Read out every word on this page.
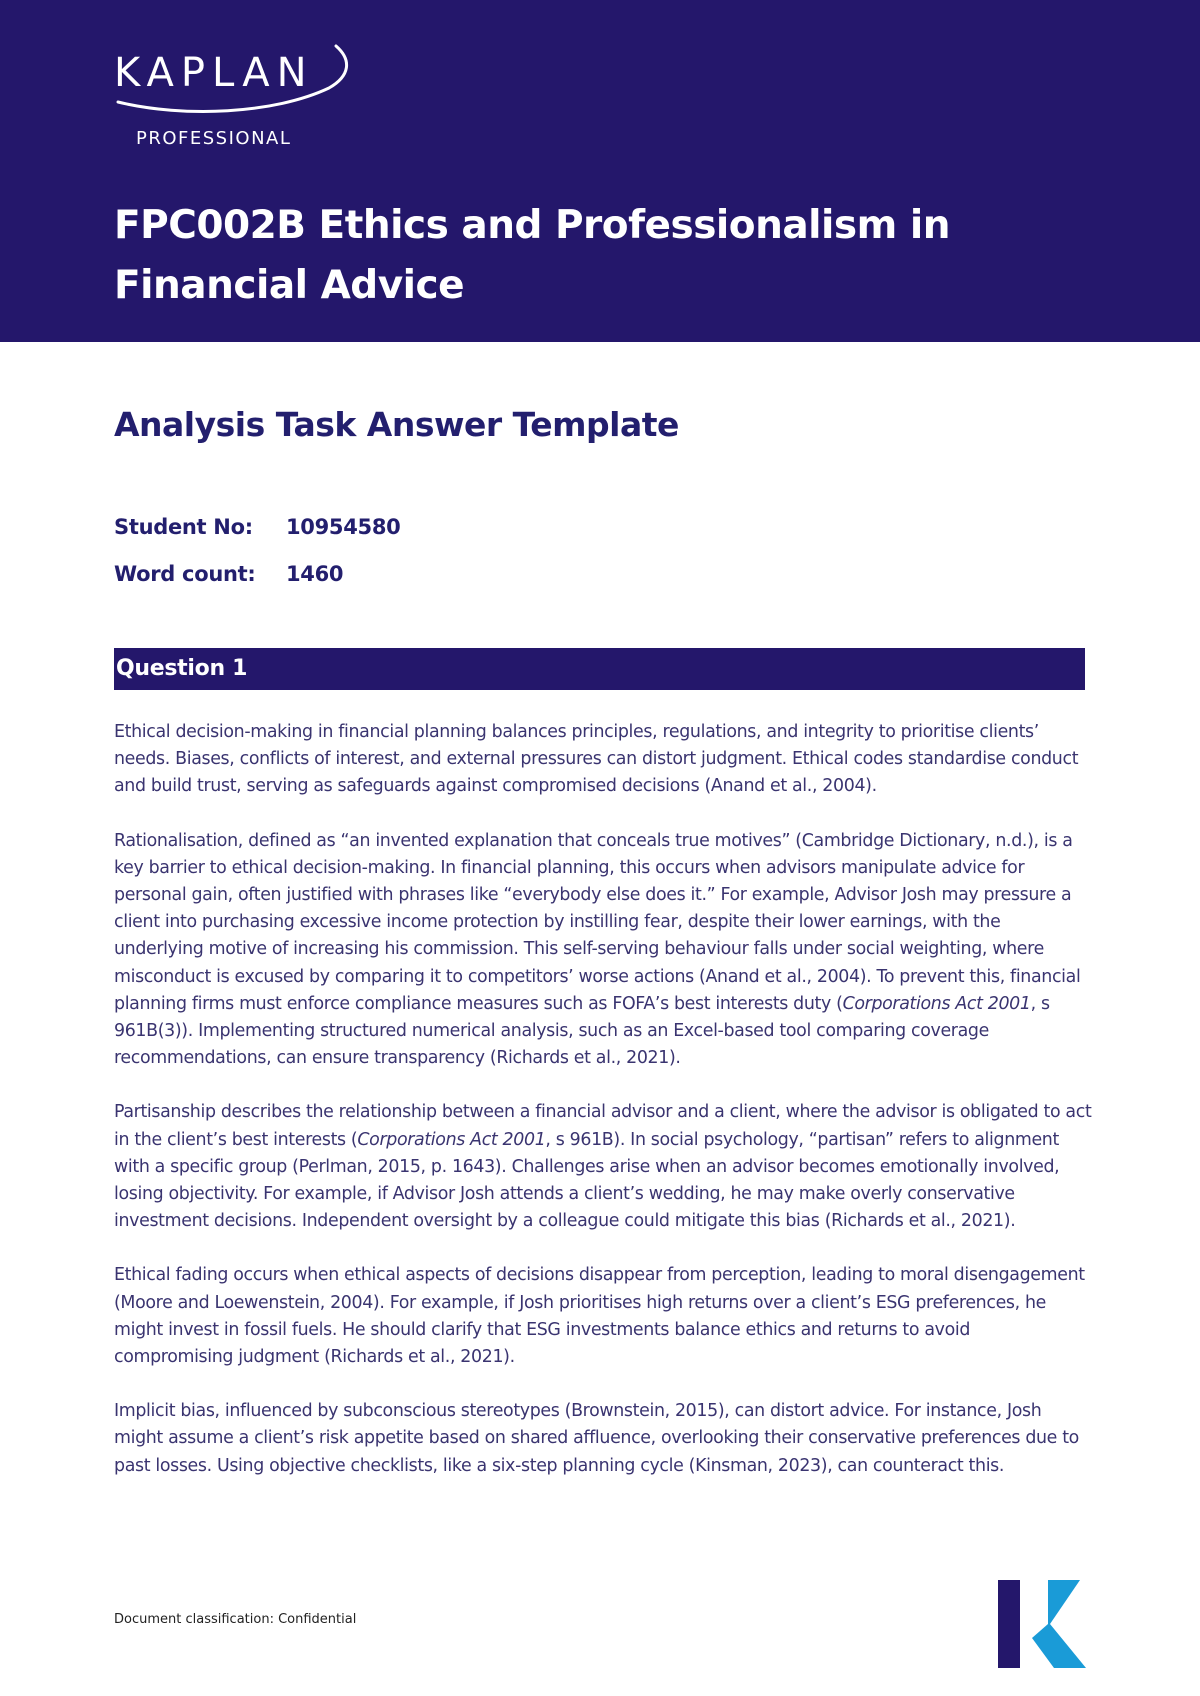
KAPLAN
PROFESSIONAL
FPC002B Ethics and Professionalism in Financial Advice
Analysis Task Answer Template
Student No: 10954580
Word count: 1460
Question 1

Ethical decision-making in financial planning balances principles, regulations, and integrity to prioritise clients’ needs. Biases, conflicts of interest, and external pressures can distort judgment. Ethical codes standardise conduct and build trust, serving as safeguards against compromised decisions (Anand et al., 2004).

Rationalisation, defined as “an invented explanation that conceals true motives” (Cambridge Dictionary, n.d.), is a key barrier to ethical decision-making. In financial planning, this occurs when advisors manipulate advice for personal gain, often justified with phrases like “everybody else does it.” For example, Advisor Josh may pressure a client into purchasing excessive income protection by instilling fear, despite their lower earnings, with the underlying motive of increasing his commission. This self-serving behaviour falls under social weighting, where misconduct is excused by comparing it to competitors’ worse actions (Anand et al., 2004). To prevent this, financial planning firms must enforce compliance measures such as FOFA’s best interests duty (Corporations Act 2001, s 961B(3)). Implementing structured numerical analysis, such as an Excel-based tool comparing coverage recommendations, can ensure transparency (Richards et al., 2021).

Partisanship describes the relationship between a financial advisor and a client, where the advisor is obligated to act in the client’s best interests (Corporations Act 2001, s 961B). In social psychology, “partisan” refers to alignment with a specific group (Perlman, 2015, p. 1643). Challenges arise when an advisor becomes emotionally involved, losing objectivity. For example, if Advisor Josh attends a client’s wedding, he may make overly conservative investment decisions. Independent oversight by a colleague could mitigate this bias (Richards et al., 2021).

Ethical fading occurs when ethical aspects of decisions disappear from perception, leading to moral disengagement (Moore and Loewenstein, 2004). For example, if Josh prioritises high returns over a client’s ESG preferences, he might invest in fossil fuels. He should clarify that ESG investments balance ethics and returns to avoid compromising judgment (Richards et al., 2021).

Implicit bias, influenced by subconscious stereotypes (Brownstein, 2015), can distort advice. For instance, Josh might assume a client’s risk appetite based on shared affluence, overlooking their conservative preferences due to past losses. Using objective checklists, like a six-step planning cycle (Kinsman, 2023), can counteract this.

Document classification: Confidential
